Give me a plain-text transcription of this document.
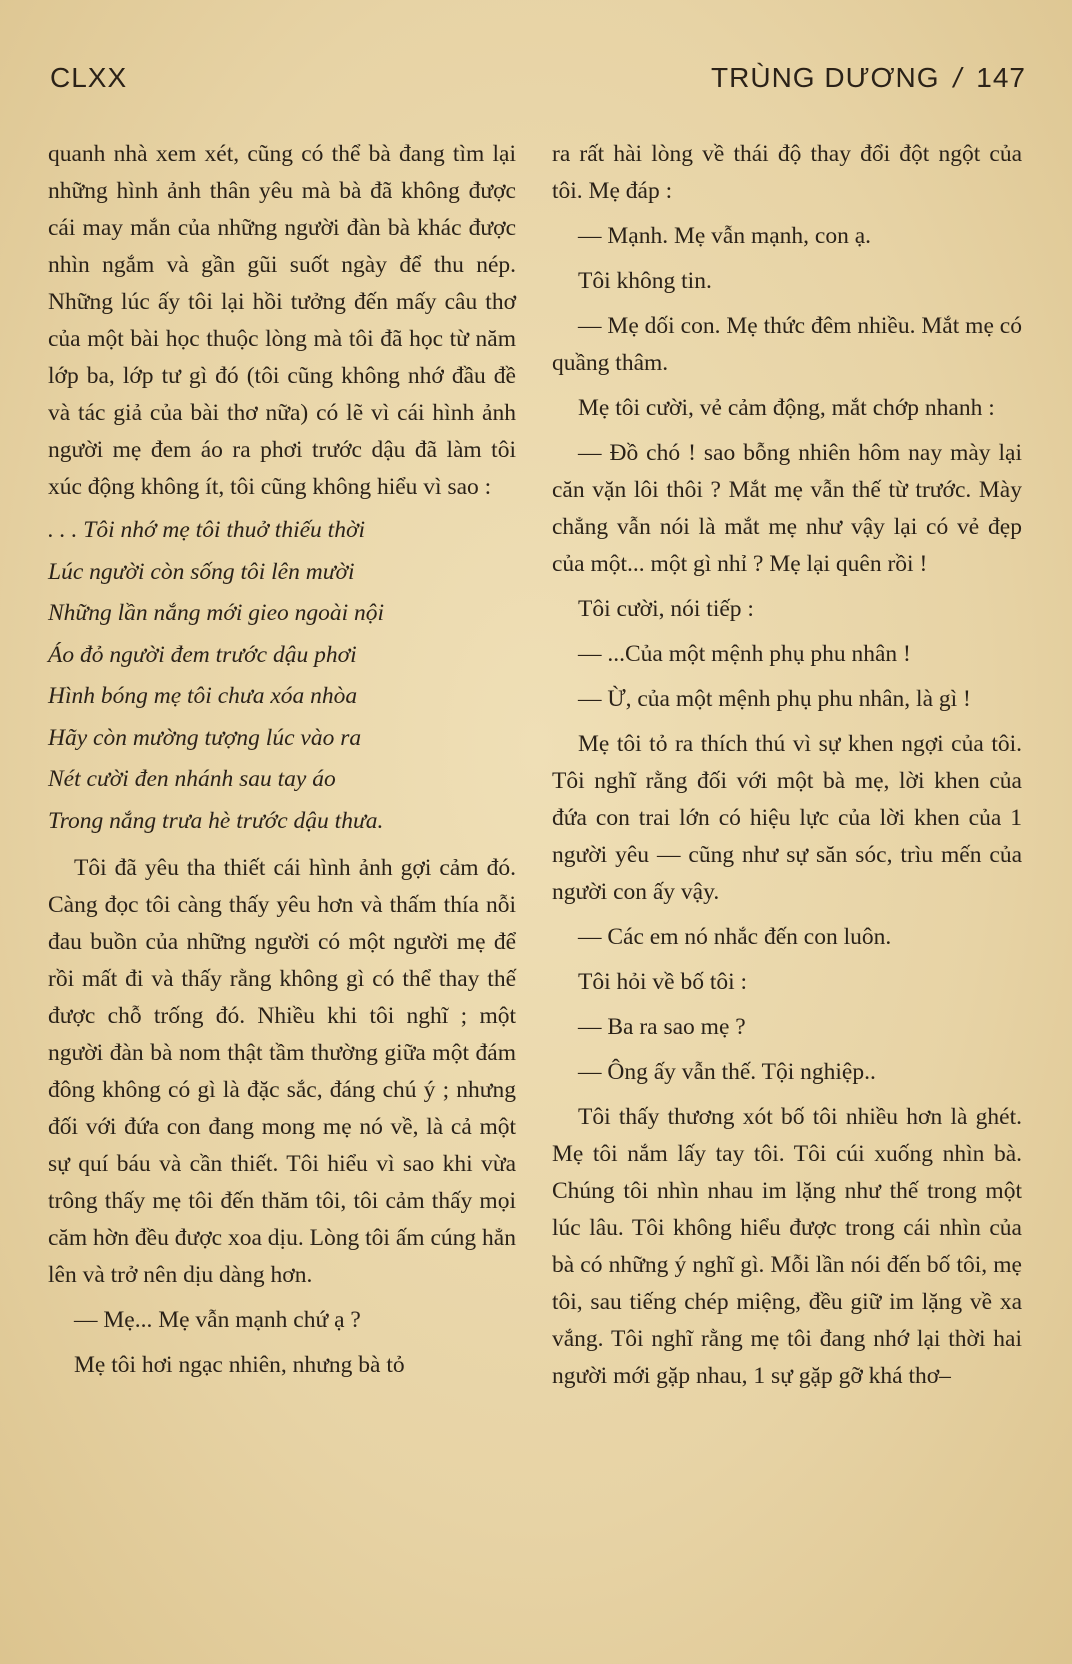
CLXX	TRÙNG DƯƠNG / 147

quanh nhà xem xét, cũng có thể bà đang tìm lại những hình ảnh thân yêu mà bà đã không được cái may mắn của những người đàn bà khác được nhìn ngắm và gần gũi suốt ngày để thu nép. Những lúc ấy tôi lại hồi tưởng đến mấy câu thơ của một bài học thuộc lòng mà tôi đã học từ năm lớp ba, lớp tư gì đó (tôi cũng không nhớ đầu đề và tác giả của bài thơ nữa) có lẽ vì cái hình ảnh người mẹ đem áo ra phơi trước dậu đã làm tôi xúc động không ít, tôi cũng không hiểu vì sao :

. . . Tôi nhớ mẹ tôi thuở thiếu thời
Lúc người còn sống tôi lên mười
Những lần nắng mới gieo ngoài nội
Áo đỏ người đem trước dậu phơi
Hình bóng mẹ tôi chưa xóa nhòa
Hãy còn mường tượng lúc vào ra
Nét cười đen nhánh sau tay áo
Trong nắng trưa hè trước dậu thưa.

Tôi đã yêu tha thiết cái hình ảnh gợi cảm đó. Càng đọc tôi càng thấy yêu hơn và thấm thía nỗi đau buồn của những người có một người mẹ để rồi mất đi và thấy rằng không gì có thể thay thế được chỗ trống đó. Nhiều khi tôi nghĩ ; một người đàn bà nom thật tầm thường giữa một đám đông không có gì là đặc sắc, đáng chú ý ; nhưng đối với đứa con đang mong mẹ nó về, là cả một sự quí báu và cần thiết. Tôi hiểu vì sao khi vừa trông thấy mẹ tôi đến thăm tôi, tôi cảm thấy mọi căm hờn đều được xoa dịu. Lòng tôi ấm cúng hẳn lên và trở nên dịu dàng hơn.

— Mẹ... Mẹ vẫn mạnh chứ ạ ?

Mẹ tôi hơi ngạc nhiên, nhưng bà tỏ

ra rất hài lòng về thái độ thay đổi đột ngột của tôi. Mẹ đáp :

— Mạnh. Mẹ vẫn mạnh, con ạ.

Tôi không tin.

— Mẹ dối con. Mẹ thức đêm nhiều. Mắt mẹ có quầng thâm.

Mẹ tôi cười, vẻ cảm động, mắt chớp nhanh :

— Đồ chó ! sao bỗng nhiên hôm nay mày lại căn vặn lôi thôi ? Mắt mẹ vẫn thế từ trước. Mày chẳng vẫn nói là mắt mẹ như vậy lại có vẻ đẹp của một... một gì nhỉ ? Mẹ lại quên rồi !

Tôi cười, nói tiếp :

— ...Của một mệnh phụ phu nhân !

— Ừ, của một mệnh phụ phu nhân, là gì !

Mẹ tôi tỏ ra thích thú vì sự khen ngợi của tôi. Tôi nghĩ rằng đối với một bà mẹ, lời khen của đứa con trai lớn có hiệu lực của lời khen của 1 người yêu — cũng như sự săn sóc, trìu mến của người con ấy vậy.

— Các em nó nhắc đến con luôn.

Tôi hỏi về bố tôi :

— Ba ra sao mẹ ?

— Ông ấy vẫn thế. Tội nghiệp..

Tôi thấy thương xót bố tôi nhiều hơn là ghét. Mẹ tôi nắm lấy tay tôi. Tôi cúi xuống nhìn bà. Chúng tôi nhìn nhau im lặng như thế trong một lúc lâu. Tôi không hiểu được trong cái nhìn của bà có những ý nghĩ gì. Mỗi lần nói đến bố tôi, mẹ tôi, sau tiếng chép miệng, đều giữ im lặng về xa vắng. Tôi nghĩ rằng mẹ tôi đang nhớ lại thời hai người mới gặp nhau, 1 sự gặp gỡ khá thơ–
